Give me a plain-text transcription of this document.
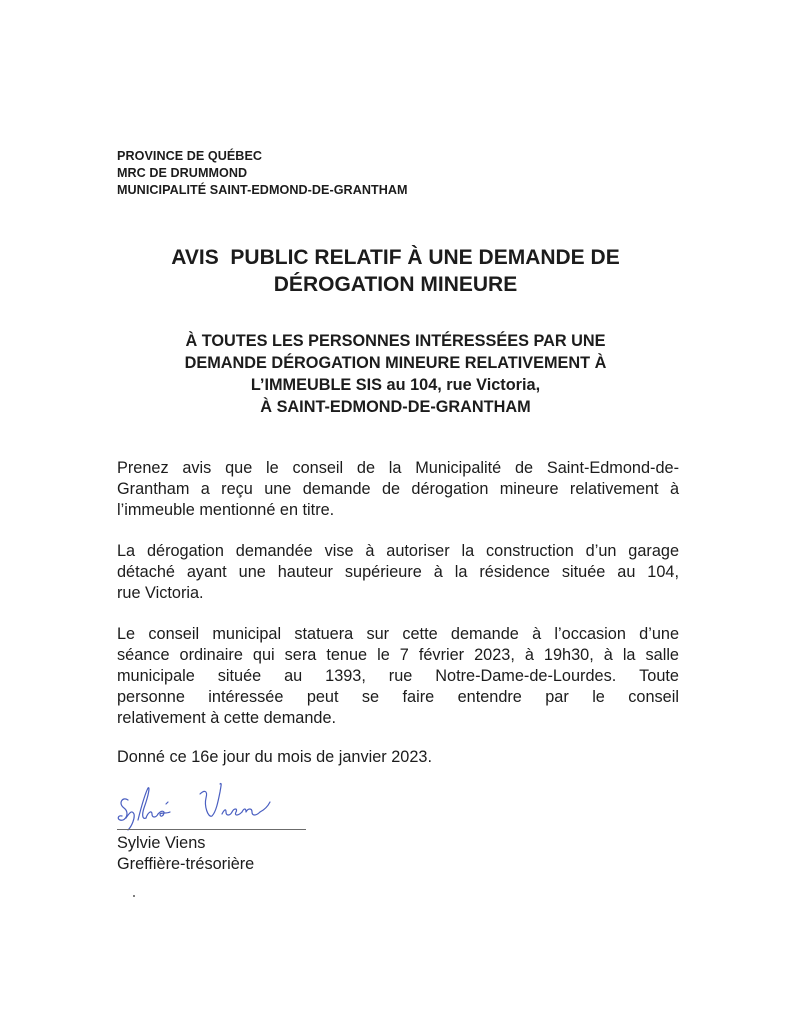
PROVINCE DE QUÉBEC
MRC DE DRUMMOND
MUNICIPALITÉ SAINT-EDMOND-DE-GRANTHAM
AVIS  PUBLIC RELATIF À UNE DEMANDE DE
DÉROGATION MINEURE
À TOUTES LES PERSONNES INTÉRESSÉES PAR UNE
DEMANDE DÉROGATION MINEURE RELATIVEMENT À
L’IMMEUBLE SIS au 104, rue Victoria,
À SAINT-EDMOND-DE-GRANTHAM
Prenez avis que le conseil de la Municipalité de Saint-Edmond-de-
Grantham a reçu une demande de dérogation mineure relativement à
l’immeuble mentionné en titre.
La dérogation demandée vise à autoriser la construction d’un garage
détaché ayant une hauteur supérieure à la résidence située au 104,
rue Victoria.
Le conseil municipal statuera sur cette demande à l’occasion d’une
séance ordinaire qui sera tenue le 7 février 2023, à 19h30, à la salle
municipale située au 1393, rue Notre-Dame-de-Lourdes. Toute
personne intéressée peut se faire entendre par le conseil
relativement à cette demande.
Donné ce 16e jour du mois de janvier 2023.
Sylvie Viens
Greffière-trésorière
